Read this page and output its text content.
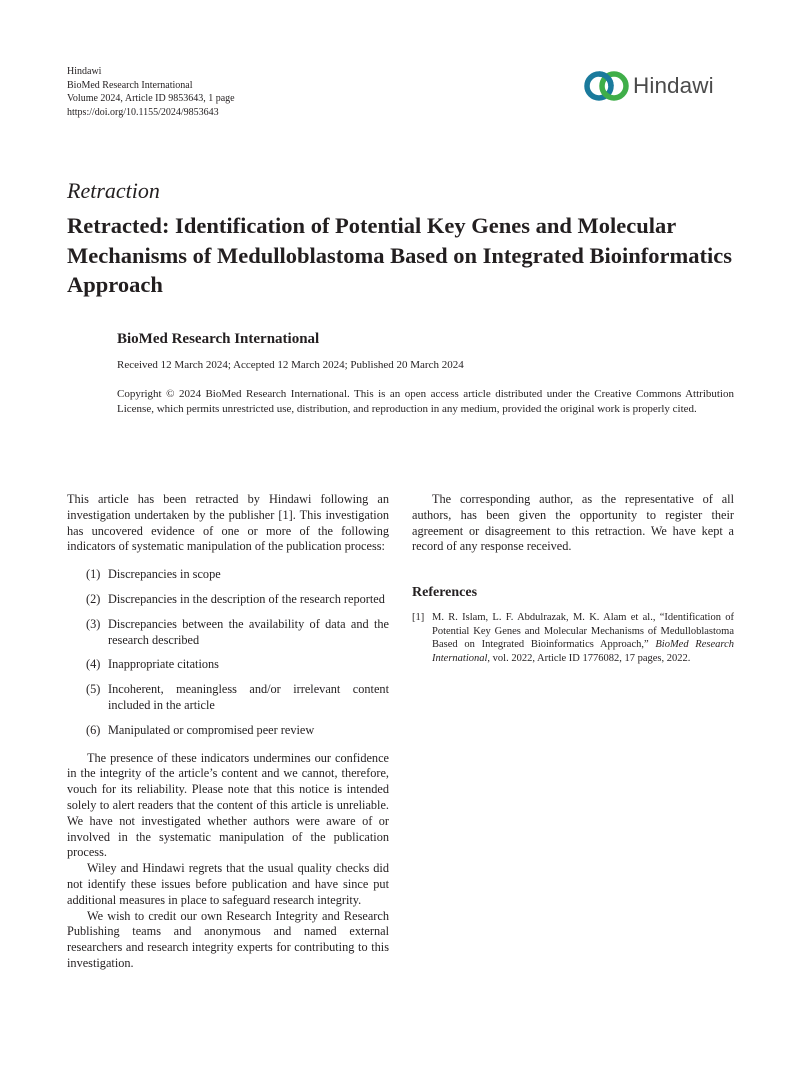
Hindawi
BioMed Research International
Volume 2024, Article ID 9853643, 1 page
https://doi.org/10.1155/2024/9853643
Hindawi
Retraction
Retracted: Identification of Potential Key Genes and Molecular Mechanisms of Medulloblastoma Based on Integrated Bioinformatics Approach
BioMed Research International
Received 12 March 2024; Accepted 12 March 2024; Published 20 March 2024
Copyright © 2024 BioMed Research International. This is an open access article distributed under the Creative Commons Attribution License, which permits unrestricted use, distribution, and reproduction in any medium, provided the original work is properly cited.

This article has been retracted by Hindawi following an investigation undertaken by the publisher [1]. This investigation has uncovered evidence of one or more of the following indicators of systematic manipulation of the publication process:

(1) Discrepancies in scope
(2) Discrepancies in the description of the research reported
(3) Discrepancies between the availability of data and the research described
(4) Inappropriate citations
(5) Incoherent, meaningless and/or irrelevant content included in the article
(6) Manipulated or compromised peer review

The presence of these indicators undermines our confidence in the integrity of the article’s content and we cannot, therefore, vouch for its reliability. Please note that this notice is intended solely to alert readers that the content of this article is unreliable. We have not investigated whether authors were aware of or involved in the systematic manipulation of the publication process.

Wiley and Hindawi regrets that the usual quality checks did not identify these issues before publication and have since put additional measures in place to safeguard research integrity.

We wish to credit our own Research Integrity and Research Publishing teams and anonymous and named external researchers and research integrity experts for contributing to this investigation.

The corresponding author, as the representative of all authors, has been given the opportunity to register their agreement or disagreement to this retraction. We have kept a record of any response received.

References
[1] M. R. Islam, L. F. Abdulrazak, M. K. Alam et al., “Identification of Potential Key Genes and Molecular Mechanisms of Medulloblastoma Based on Integrated Bioinformatics Approach,” BioMed Research International, vol. 2022, Article ID 1776082, 17 pages, 2022.
